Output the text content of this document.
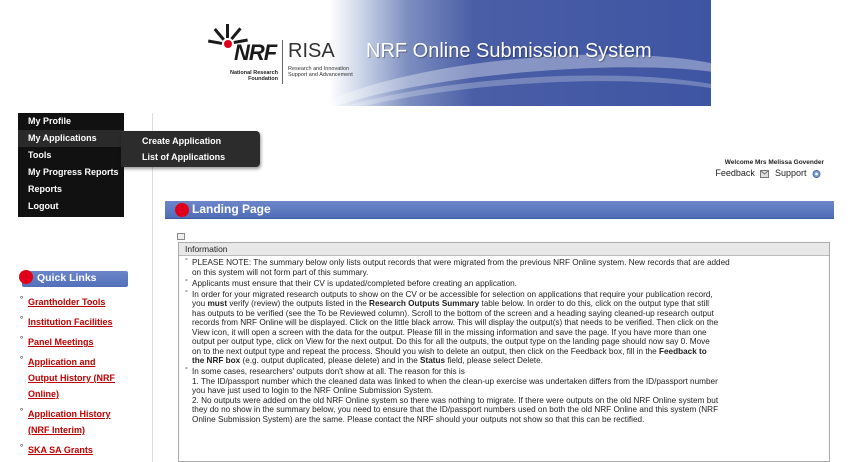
NRF RISA
National Research Foundation
Research and Innovation Support and Advancement
NRF Online Submission System
My Profile
My Applications
Tools
My Progress Reports
Reports
Logout
Create Application
List of Applications
Quick Links
° Grantholder Tools
° Institution Facilities
° Panel Meetings
° Application and Output History (NRF Online)
° Application History (NRF Interim)
° SKA SA Grants
Welcome Mrs Melissa Govender
Feedback Support
Landing Page
Information
° PLEASE NOTE: The summary below only lists output records that were migrated from the previous NRF Online system. New records that are added
on this system will not form part of this summary.
° Applicants must ensure that their CV is updated/completed before creating an application.
° In order for your migrated research outputs to show on the CV or be accessible for selection on applications that require your publication record,
you must verify (review) the outputs listed in the Research Outputs Summary table below. In order to do this, click on the output type that still
has outputs to be verified (see the To be Reviewed column). Scroll to the bottom of the screen and a heading saying cleaned-up research output
records from NRF Online will be displayed. Click on the little black arrow. This will display the output(s) that needs to be verified. Then click on the
View icon, it will open a screen with the data for the output. Please fill in the missing information and save the page. If you have more than one
output per output type, click on View for the next output. Do this for all the outputs, the output type on the landing page should now say 0. Move
on to the next output type and repeat the process. Should you wish to delete an output, then click on the Feedback box, fill in the Feedback to
the NRF box (e.g. output duplicated, please delete) and in the Status field, please select Delete.
° In some cases, researchers' outputs don't show at all. The reason for this is
1. The ID/passport number which the cleaned data was linked to when the clean-up exercise was undertaken differs from the ID/passport number
you have just used to login to the NRF Online Submission System.
2. No outputs were added on the old NRF Online system so there was nothing to migrate. If there were outputs on the old NRF Online system but
they do no show in the summary below, you need to ensure that the ID/passport numbers used on both the old NRF Online and this system (NRF
Online Submission System) are the same. Please contact the NRF should your outputs not show so that this can be rectified.
